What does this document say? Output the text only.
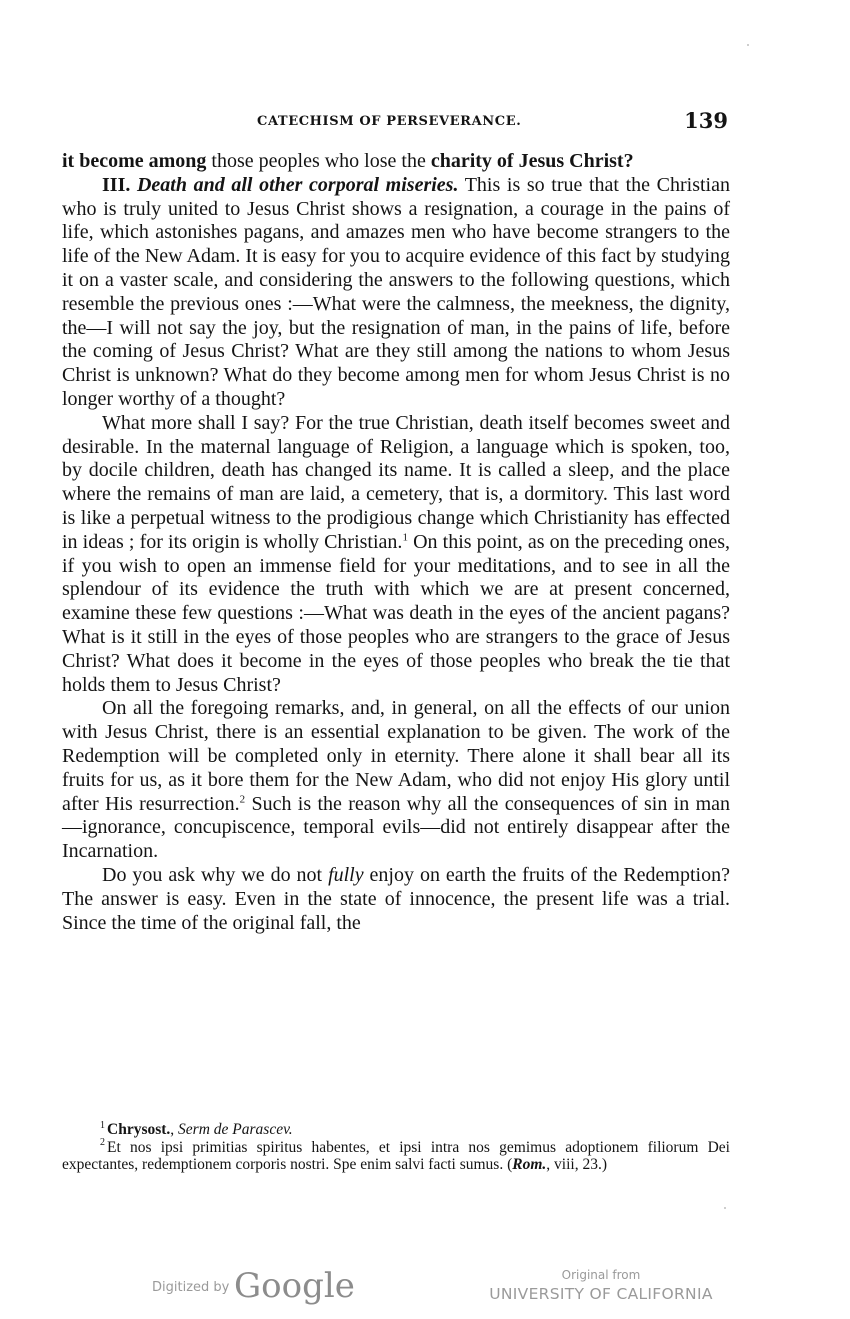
CATECHISM OF PERSEVERANCE.	139

it become among those peoples who lose the charity of Jesus Christ?

III. Death and all other corporal miseries. This is so true that the Christian who is truly united to Jesus Christ shows a resignation, a courage in the pains of life, which astonishes pagans, and amazes men who have become strangers to the life of the New Adam. It is easy for you to acquire evidence of this fact by studying it on a vaster scale, and considering the answers to the following questions, which resemble the previous ones :—What were the calmness, the meekness, the dignity, the—I will not say the joy, but the resignation of man, in the pains of life, before the coming of Jesus Christ? What are they still among the nations to whom Jesus Christ is unknown? What do they become among men for whom Jesus Christ is no longer worthy of a thought?

What more shall I say? For the true Christian, death itself becomes sweet and desirable. In the maternal language of Religion, a language which is spoken, too, by docile children, death has changed its name. It is called a sleep, and the place where the remains of man are laid, a cemetery, that is, a dormitory. This last word is like a perpetual witness to the prodigious change which Christianity has effected in ideas ; for its origin is wholly Christian.$^1$ On this point, as on the preceding ones, if you wish to open an immense field for your meditations, and to see in all the splendour of its evidence the truth with which we are at present concerned, examine these few questions :—What was death in the eyes of the ancient pagans? What is it still in the eyes of those peoples who are strangers to the grace of Jesus Christ? What does it become in the eyes of those peoples who break the tie that holds them to Jesus Christ?

On all the foregoing remarks, and, in general, on all the effects of our union with Jesus Christ, there is an essential explanation to be given. The work of the Redemption will be completed only in eternity. There alone it shall bear all its fruits for us, as it bore them for the New Adam, who did not enjoy His glory until after His resurrection.$^2$ Such is the reason why all the consequences of sin in man—ignorance, concupiscence, temporal evils—did not entirely disappear after the Incarnation.

Do you ask why we do not fully enjoy on earth the fruits of the Redemption? The answer is easy. Even in the state of innocence, the present life was a trial. Since the time of the original fall, the

$^1$ Chrysost., Serm de Parascev.

$^2$ Et nos ipsi primitias spiritus habentes, et ipsi intra nos gemimus adoptionem filiorum Dei expectantes, redemptionem corporis nostri. Spe enim salvi facti sumus. (Rom., viii, 23.)

Digitized by Google	Original from
UNIVERSITY OF CALIFORNIA
